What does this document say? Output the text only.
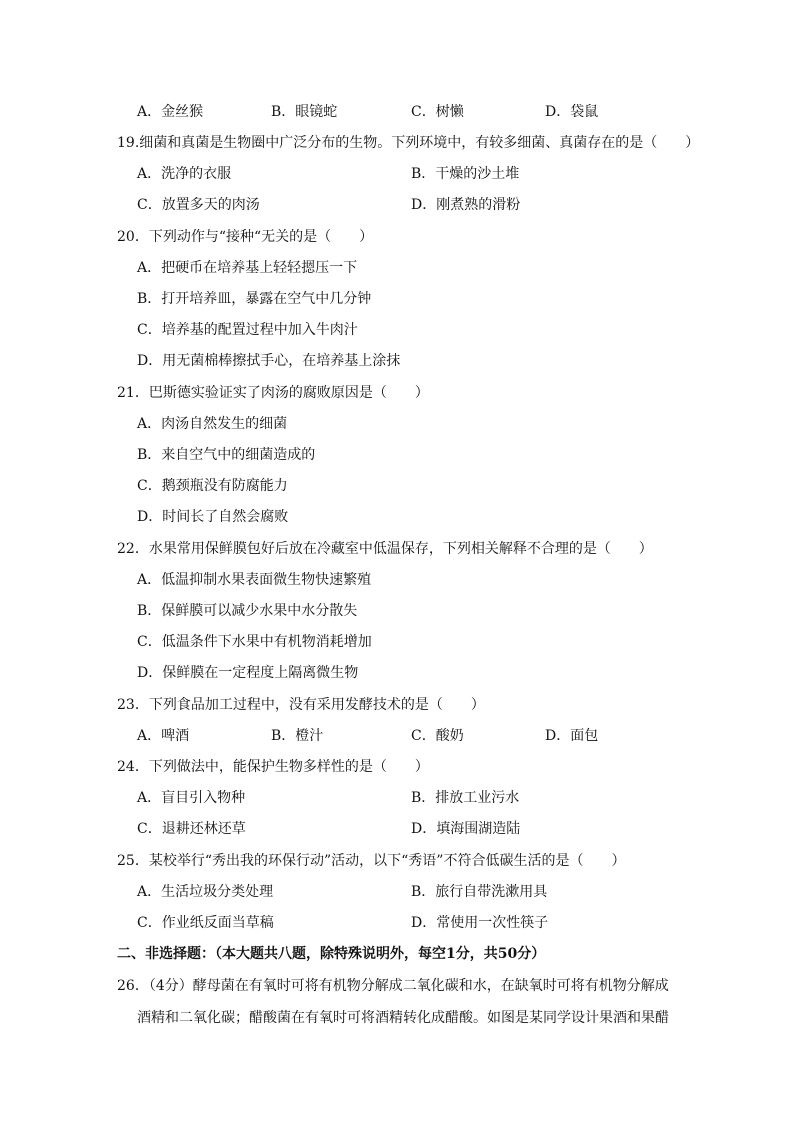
A．金丝猴	B．眼镜蛇	C．树懒	D．袋鼠
19.细菌和真菌是生物圈中广泛分布的生物。下列环境中，有较多细菌、真菌存在的是（　　）
A．洗净的衣服	B．干燥的沙土堆
C．放置多天的肉汤	D．刚煮熟的滑粉
20．下列动作与“接种“无关的是（　　）
A．把硬币在培养基上轻轻摁压一下
B．打开培养皿，暴露在空气中几分钟
C．培养基的配置过程中加入牛肉汁
D．用无菌棉棒擦拭手心，在培养基上涂抹
21．巴斯德实验证实了肉汤的腐败原因是（　　）
A．肉汤自然发生的细菌
B．来自空气中的细菌造成的
C．鹅颈瓶没有防腐能力
D．时间长了自然会腐败
22．水果常用保鲜膜包好后放在冷藏室中低温保存，下列相关解释不合理的是（　　）
A．低温抑制水果表面微生物快速繁殖
B．保鲜膜可以减少水果中水分散失
C．低温条件下水果中有机物消耗增加
D．保鲜膜在一定程度上隔离微生物
23．下列食品加工过程中，没有采用发酵技术的是（　　）
A．啤酒	B．橙汁	C．酸奶	D．面包
24．下列做法中，能保护生物多样性的是（　　）
A．盲目引入物种	B．排放工业污水
C．退耕还林还草	D．填海围湖造陆
25．某校举行“秀出我的环保行动”活动，以下“秀语”不符合低碳生活的是（　　）
A．生活垃圾分类处理	B．旅行自带洗漱用具
C．作业纸反面当草稿	D．常使用一次性筷子
二、非选择题：（本大题共八题，除特殊说明外，每空1分，共50分）
26．（4分）酵母菌在有氧时可将有机物分解成二氧化碳和水，在缺氧时可将有机物分解成
酒精和二氧化碳；醋酸菌在有氧时可将酒精转化成醋酸。如图是某同学设计果酒和果醋
